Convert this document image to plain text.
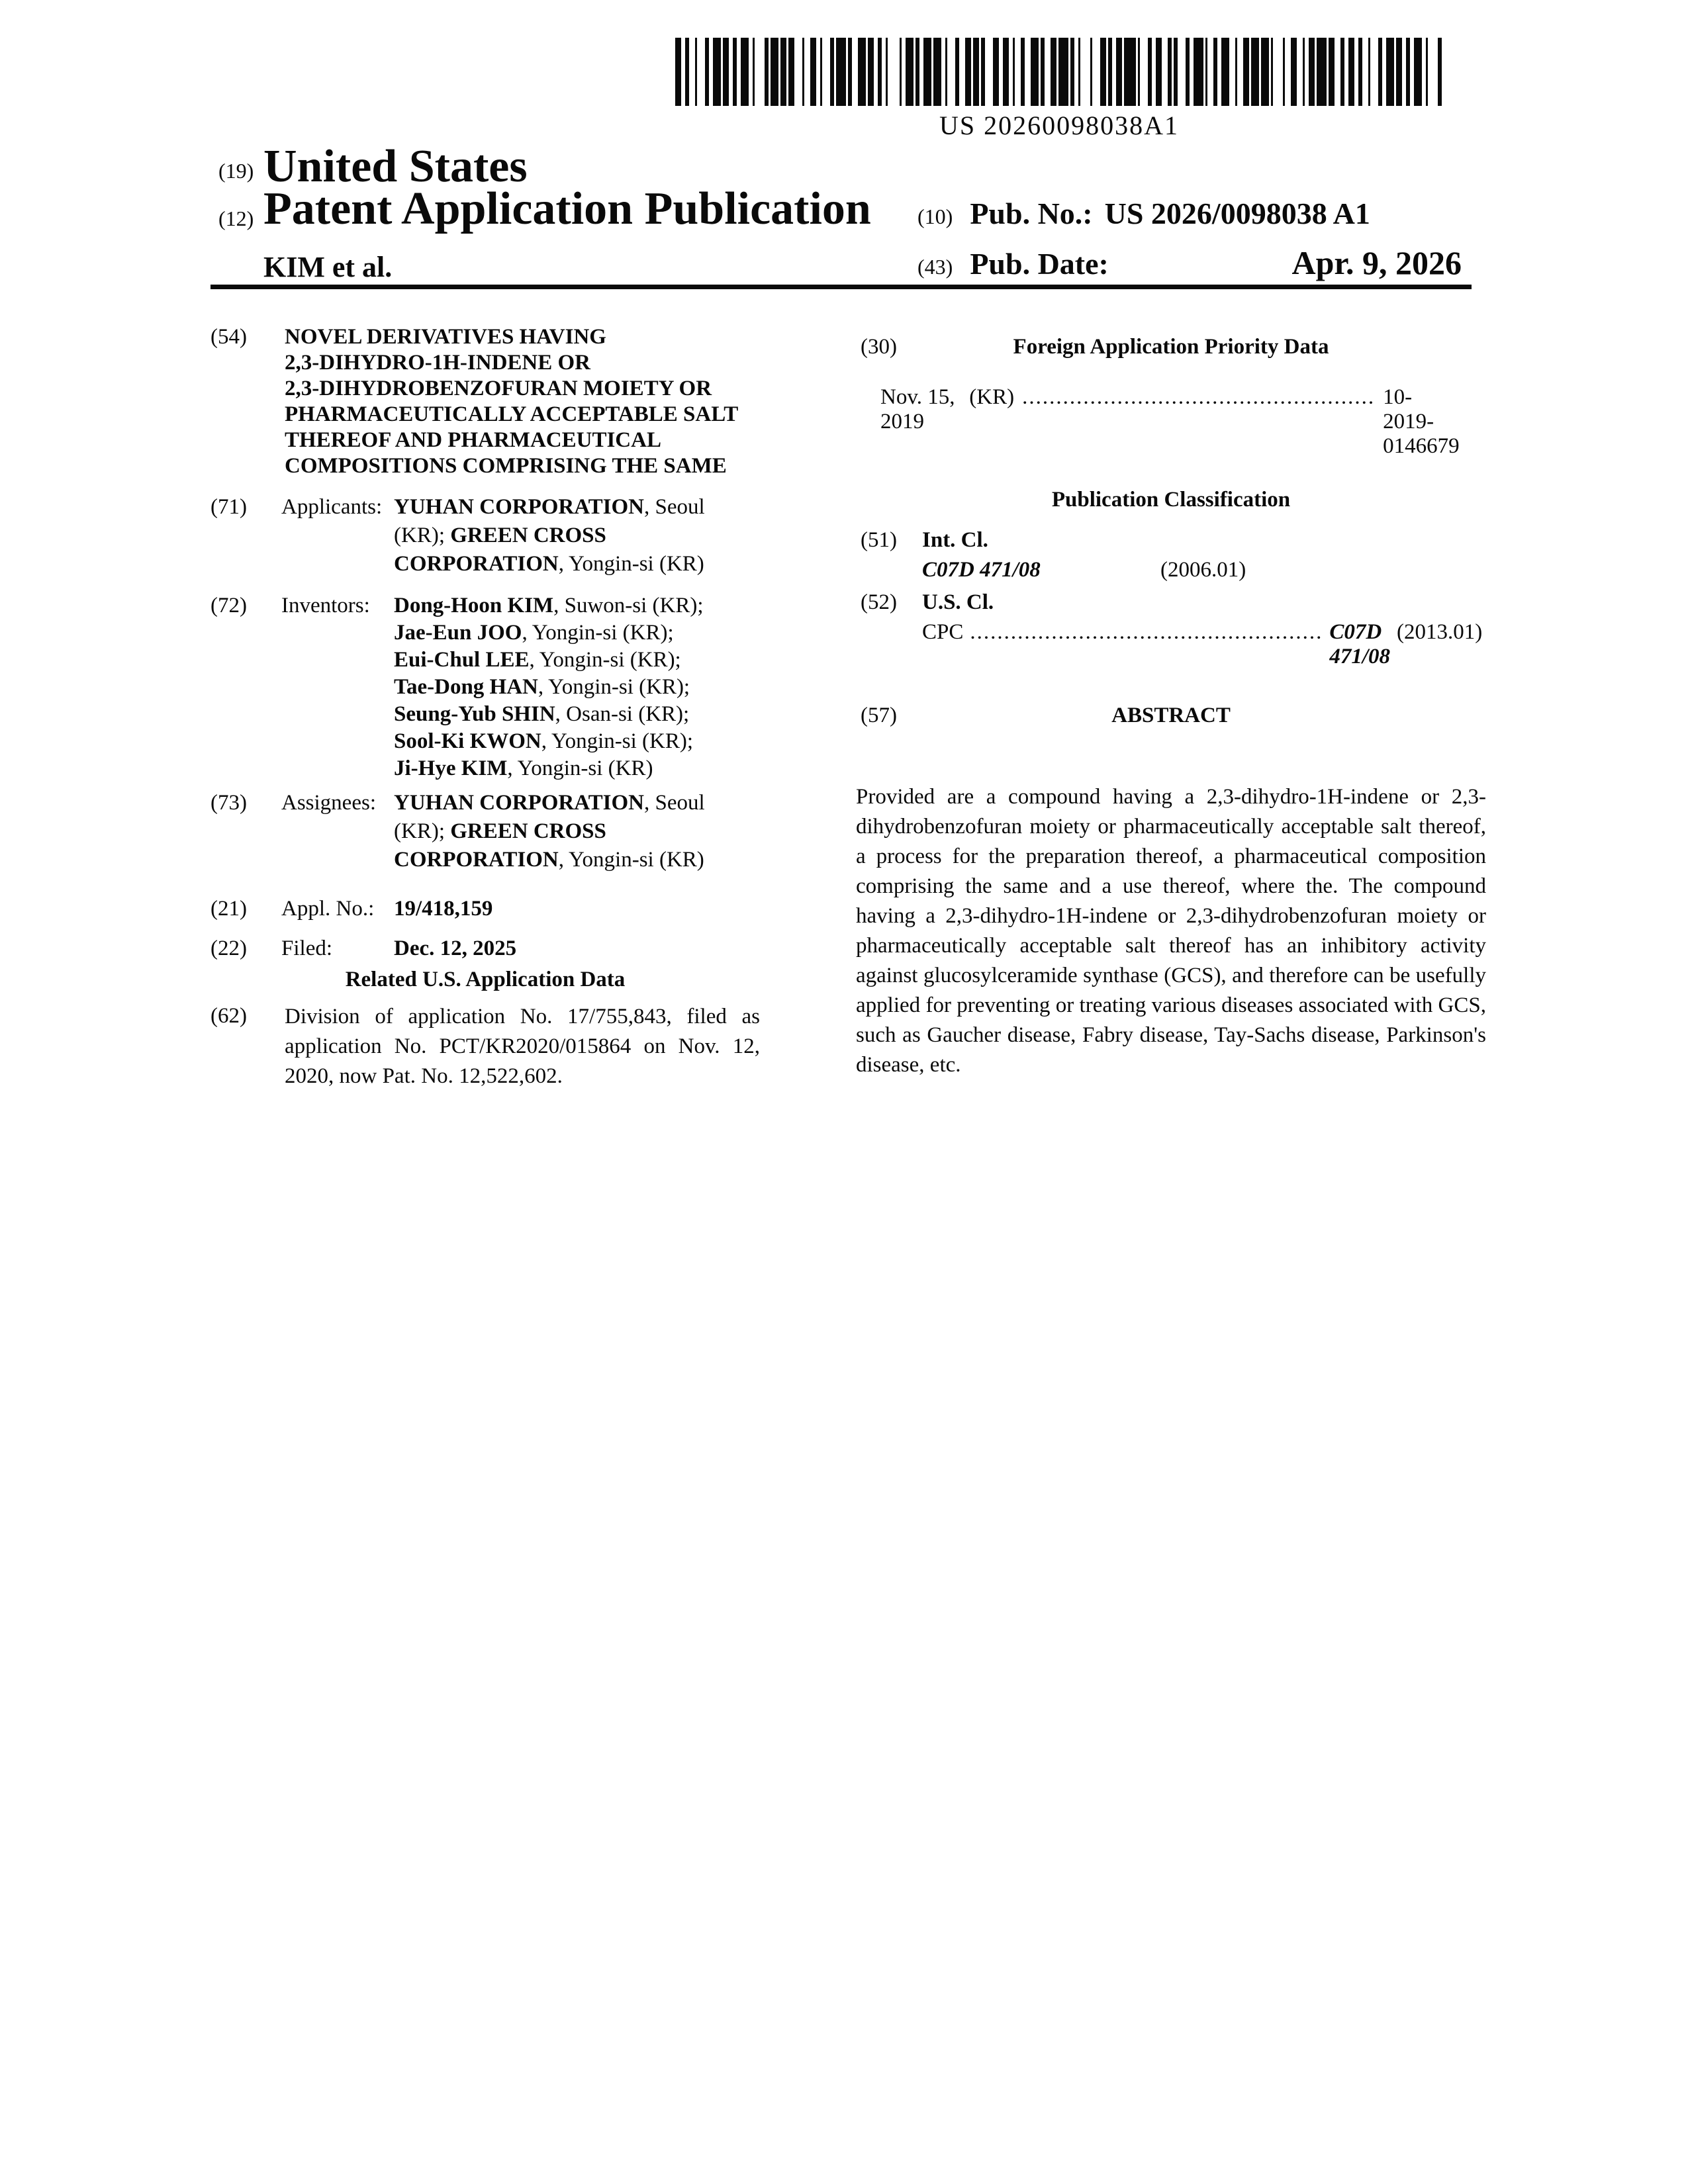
US 20260098038A1
(19) United States
(12) Patent Application Publication
KIM et al.
(10) Pub. No.: US 2026/0098038 A1
(43) Pub. Date:	Apr. 9, 2026
(54) NOVEL DERIVATIVES HAVING
2,3-DIHYDRO-1H-INDENE OR
2,3-DIHYDROBENZOFURAN MOIETY OR
PHARMACEUTICALLY ACCEPTABLE SALT
THEREOF AND PHARMACEUTICAL
COMPOSITIONS COMPRISING THE SAME
(71) Applicants: YUHAN CORPORATION, Seoul
(KR); GREEN CROSS
CORPORATION, Yongin-si (KR)
(72) Inventors: Dong-Hoon KIM, Suwon-si (KR);
Jae-Eun JOO, Yongin-si (KR);
Eui-Chul LEE, Yongin-si (KR);
Tae-Dong HAN, Yongin-si (KR);
Seung-Yub SHIN, Osan-si (KR);
Sool-Ki KWON, Yongin-si (KR);
Ji-Hye KIM, Yongin-si (KR)
(73) Assignees: YUHAN CORPORATION, Seoul
(KR); GREEN CROSS
CORPORATION, Yongin-si (KR)
(21) Appl. No.: 19/418,159
(22) Filed:	Dec. 12, 2025
Related U.S. Application Data
(62) Division of application No. 17/755,843, filed as application No. PCT/KR2020/015864 on Nov. 12, 2020, now Pat. No. 12,522,602.
(30)	Foreign Application Priority Data
Nov. 15, 2019
(KR) .................................................... 10-2019-0146679
Publication Classification
(51) Int. Cl.
C07D 471/08	(2006.01)
(52) U.S. Cl.
CPC .................................................... C07D 471/08
(2013.01)
(57)	ABSTRACT
Provided are a compound having a 2,3-dihydro-1H-indene or 2,3-dihydrobenzofuran moiety or pharmaceutically acceptable salt thereof, a process for the preparation thereof, a pharmaceutical composition comprising the same and a use thereof, where the. The compound having a 2,3-dihydro-1H-indene or 2,3-dihydrobenzofuran moiety or pharmaceutically acceptable salt thereof has an inhibitory activity against glucosylceramide synthase (GCS), and therefore can be usefully applied for preventing or treating various diseases associated with GCS, such as Gaucher disease, Fabry disease, Tay-Sachs disease, Parkinson's disease, etc.
